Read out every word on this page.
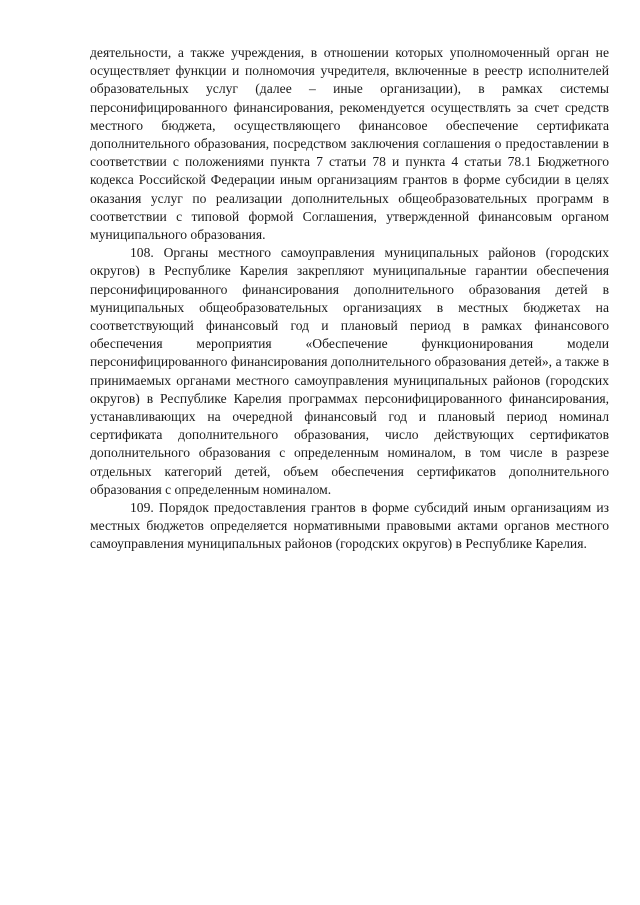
деятельности, а также учреждения, в отношении которых уполномоченный орган не осуществляет функции и полномочия учредителя, включенные в реестр исполнителей образовательных услуг (далее – иные организации), в рамках системы персонифицированного финансирования, рекомендуется осуществлять за счет средств местного бюджета, осуществляющего финансовое обеспечение сертификата дополнительного образования, посредством заключения соглашения о предоставлении в соответствии с положениями пункта 7 статьи 78 и пункта 4 статьи 78.1 Бюджетного кодекса Российской Федерации иным организациям грантов в форме субсидии в целях оказания услуг по реализации дополнительных общеобразовательных программ в соответствии с типовой формой Соглашения, утвержденной финансовым органом муниципального образования.

108. Органы местного самоуправления муниципальных районов (городских округов) в Республике Карелия закрепляют муниципальные гарантии обеспечения персонифицированного финансирования дополнительного образования детей в муниципальных общеобразовательных организациях в местных бюджетах на соответствующий финансовый год и плановый период в рамках финансового обеспечения мероприятия «Обеспечение функционирования модели персонифицированного финансирования дополнительного образования детей», а также в принимаемых органами местного самоуправления муниципальных районов (городских округов) в Республике Карелия программах персонифицированного финансирования, устанавливающих на очередной финансовый год и плановый период номинал сертификата дополнительного образования, число действующих сертификатов дополнительного образования с определенным номиналом, в том числе в разрезе отдельных категорий детей, объем обеспечения сертификатов дополнительного образования с определенным номиналом.

109. Порядок предоставления грантов в форме субсидий иным организациям из местных бюджетов определяется нормативными правовыми актами органов местного самоуправления муниципальных районов (городских округов) в Республике Карелия.
